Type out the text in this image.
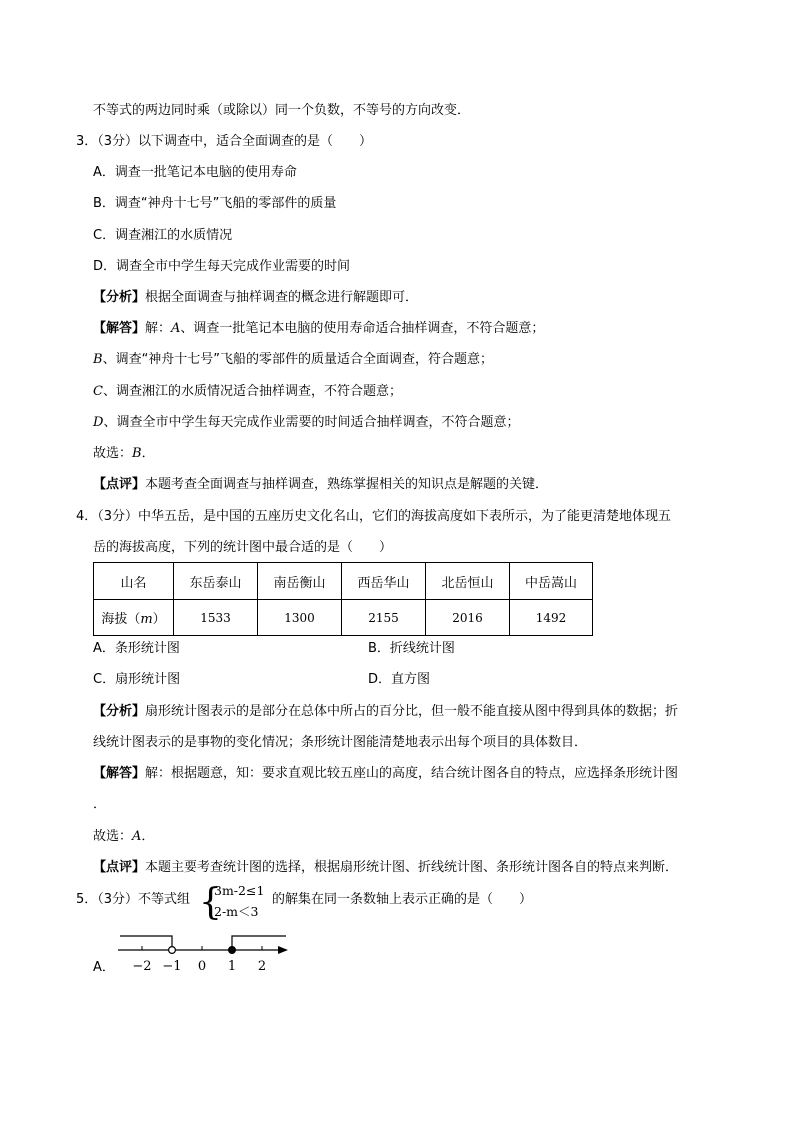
不等式的两边同时乘（或除以）同一个负数，不等号的方向改变．
3．（3分）以下调查中，适合全面调查的是（　　）
A．调查一批笔记本电脑的使用寿命
B．调查“神舟十七号”飞船的零部件的质量
C．调查湘江的水质情况
D．调查全市中学生每天完成作业需要的时间
【分析】根据全面调查与抽样调查的概念进行解题即可．
【解答】解：A、调查一批笔记本电脑的使用寿命适合抽样调查，不符合题意；
B、调查“神舟十七号”飞船的零部件的质量适合全面调查，符合题意；
C、调查湘江的水质情况适合抽样调查，不符合题意；
D、调查全市中学生每天完成作业需要的时间适合抽样调查，不符合题意；
故选：B．
【点评】本题考查全面调查与抽样调查，熟练掌握相关的知识点是解题的关键．
4．（3分）中华五岳，是中国的五座历史文化名山，它们的海拔高度如下表所示，为了能更清楚地体现五
岳的海拔高度，下列的统计图中最合适的是（　　）
山名	东岳泰山	南岳衡山	西岳华山	北岳恒山	中岳嵩山
海拔（m）	1533	1300	2155	2016	1492
A．条形统计图	B．折线统计图
C．扇形统计图	D．直方图
【分析】扇形统计图表示的是部分在总体中所占的百分比，但一般不能直接从图中得到具体的数据；折
线统计图表示的是事物的变化情况；条形统计图能清楚地表示出每个项目的具体数目．
【解答】解：根据题意，知：要求直观比较五座山的高度，结合统计图各自的特点，应选择条形统计图
．
故选：A．
【点评】本题主要考查统计图的选择，根据扇形统计图、折线统计图、条形统计图各自的特点来判断．
5．（3分）不等式组 {
3m-2≤1
2-m＜3
的解集在同一条数轴上表示正确的是（　　）
A． −2 −1 0 1 2
